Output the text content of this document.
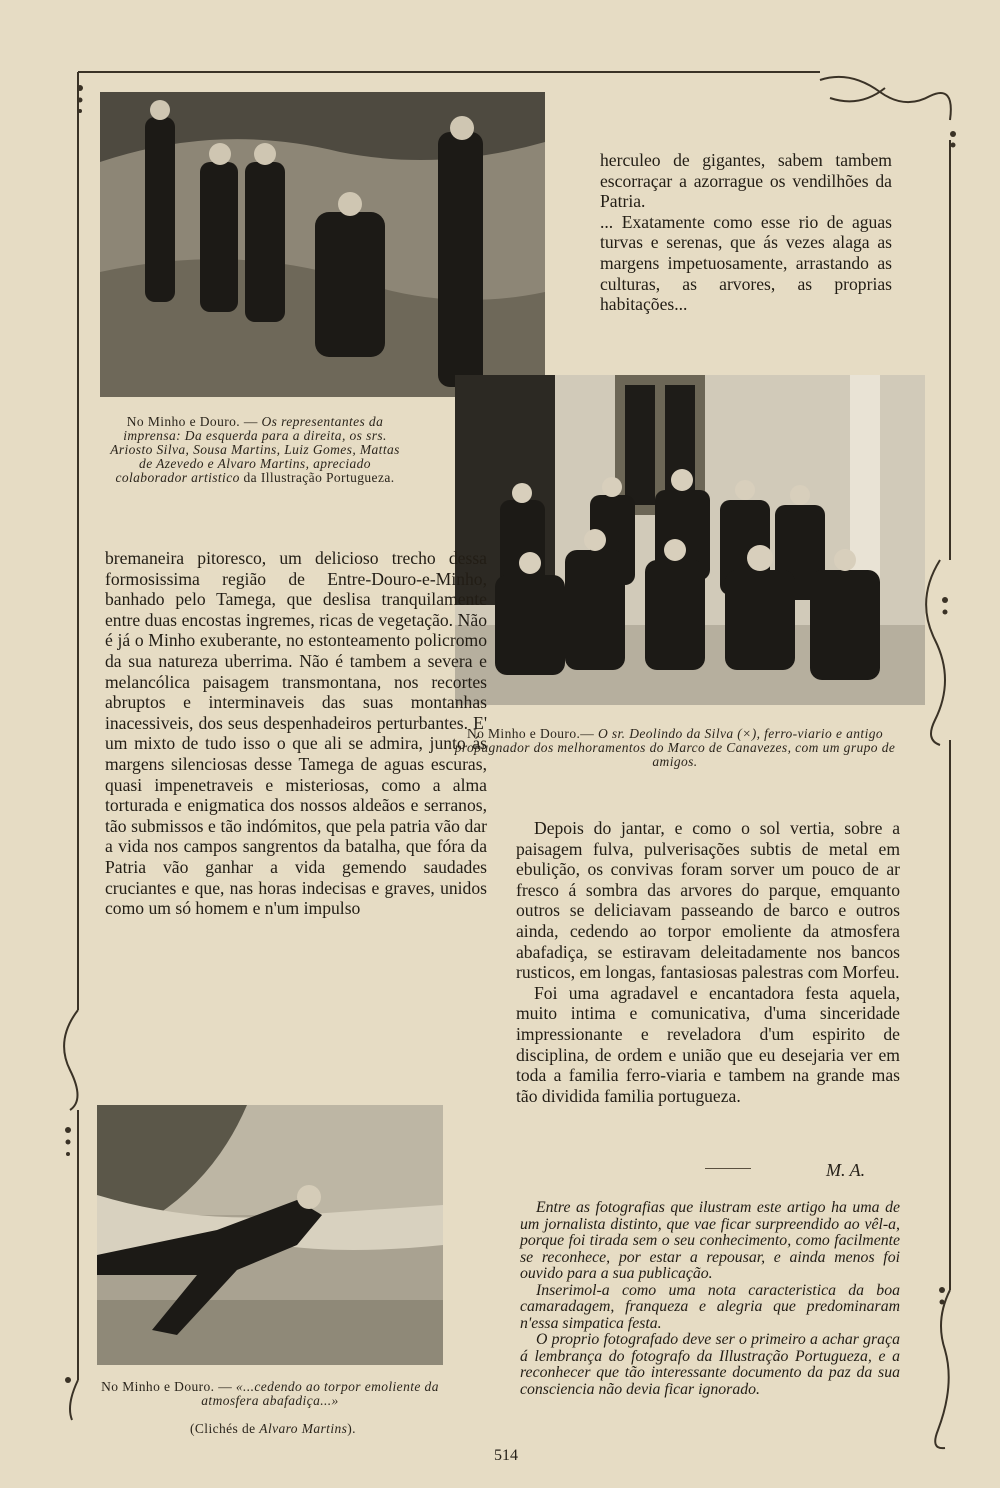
herculeo de gigantes, sabem tambem escorraçar a azorrague os vendilhões da Patria.
... Exatamente como esse rio de aguas turvas e serenas, que ás vezes alaga as margens impetuosamente, arrastando as culturas, as arvores, as proprias habitações...
No Minho e Douro. — Os representantes da imprensa: Da esquerda para a direita, os srs. Ariosto Silva, Sousa Martins, Luiz Gomes, Mattas de Azevedo e Alvaro Martins, apreciado colaborador artistico da Illustração Portugueza.
No Minho e Douro.— O sr. Deolindo da Silva (×), ferro-viario e antigo propugnador dos melhoramentos do Marco de Canavezes, com um grupo de amigos.

bremaneira pitoresco, um delicioso trecho dessa formosissima região de Entre-Douro-e-Minho, banhado pelo Tamega, que deslisa tranquilamente entre duas encostas ingremes, ricas de vegetação. Não é já o Minho exuberante, no estonteamento policromo da sua natureza uberrima. Não é tambem a severa e melancólica paisagem transmontana, nos recortes abruptos e interminaveis das suas montanhas inacessiveis, dos seus despenhadeiros perturbantes. E' um mixto de tudo isso o que ali se admira, junto ás margens silenciosas desse Tamega de aguas escuras, quasi impenetraveis e misteriosas, como a alma torturada e enigmatica dos nossos aldeãos e serranos, tão submissos e tão indómitos, que pela patria vão dar a vida nos campos sangrentos da batalha, que fóra da Patria vão ganhar a vida gemendo saudades cruciantes e que, nas horas indecisas e graves, unidos como um só homem e n'um impulso

Depois do jantar, e como o sol vertia, sobre a paisagem fulva, pulverisações subtis de metal em ebulição, os convivas foram sorver um pouco de ar fresco á sombra das arvores do parque, emquanto outros se deliciavam passeando de barco e outros ainda, cedendo ao torpor emoliente da atmosfera abafadiça, se estiravam deleitadamente nos bancos rusticos, em longas, fantasiosas palestras com Morfeu.

Foi uma agradavel e encantadora festa aquela, muito intima e comunicativa, d'uma sinceridade impressionante e reveladora d'um espirito de disciplina, de ordem e união que eu desejaria ver em toda a familia ferro-viaria e tambem na grande mas tão dividida familia portugueza.

M. A.
No Minho e Douro. — «...cedendo ao torpor emoliente da atmosfera abafadiça...»
(Clichés de Alvaro Martins).

Entre as fotografias que ilustram este artigo ha uma de um jornalista distinto, que vae ficar surpreendido ao vêl-a, porque foi tirada sem o seu conhecimento, como facilmente se reconhece, por estar a repousar, e ainda menos foi ouvido para a sua publicação.

Inserimol-a como uma nota caracteristica da boa camaradagem, franqueza e alegria que predominaram n'essa simpatica festa.

O proprio fotografado deve ser o primeiro a achar graça á lembrança do fotografo da Illustração Portugueza, e a reconhecer que tão interessante documento da paz da sua consciencia não devia ficar ignorado.

514
